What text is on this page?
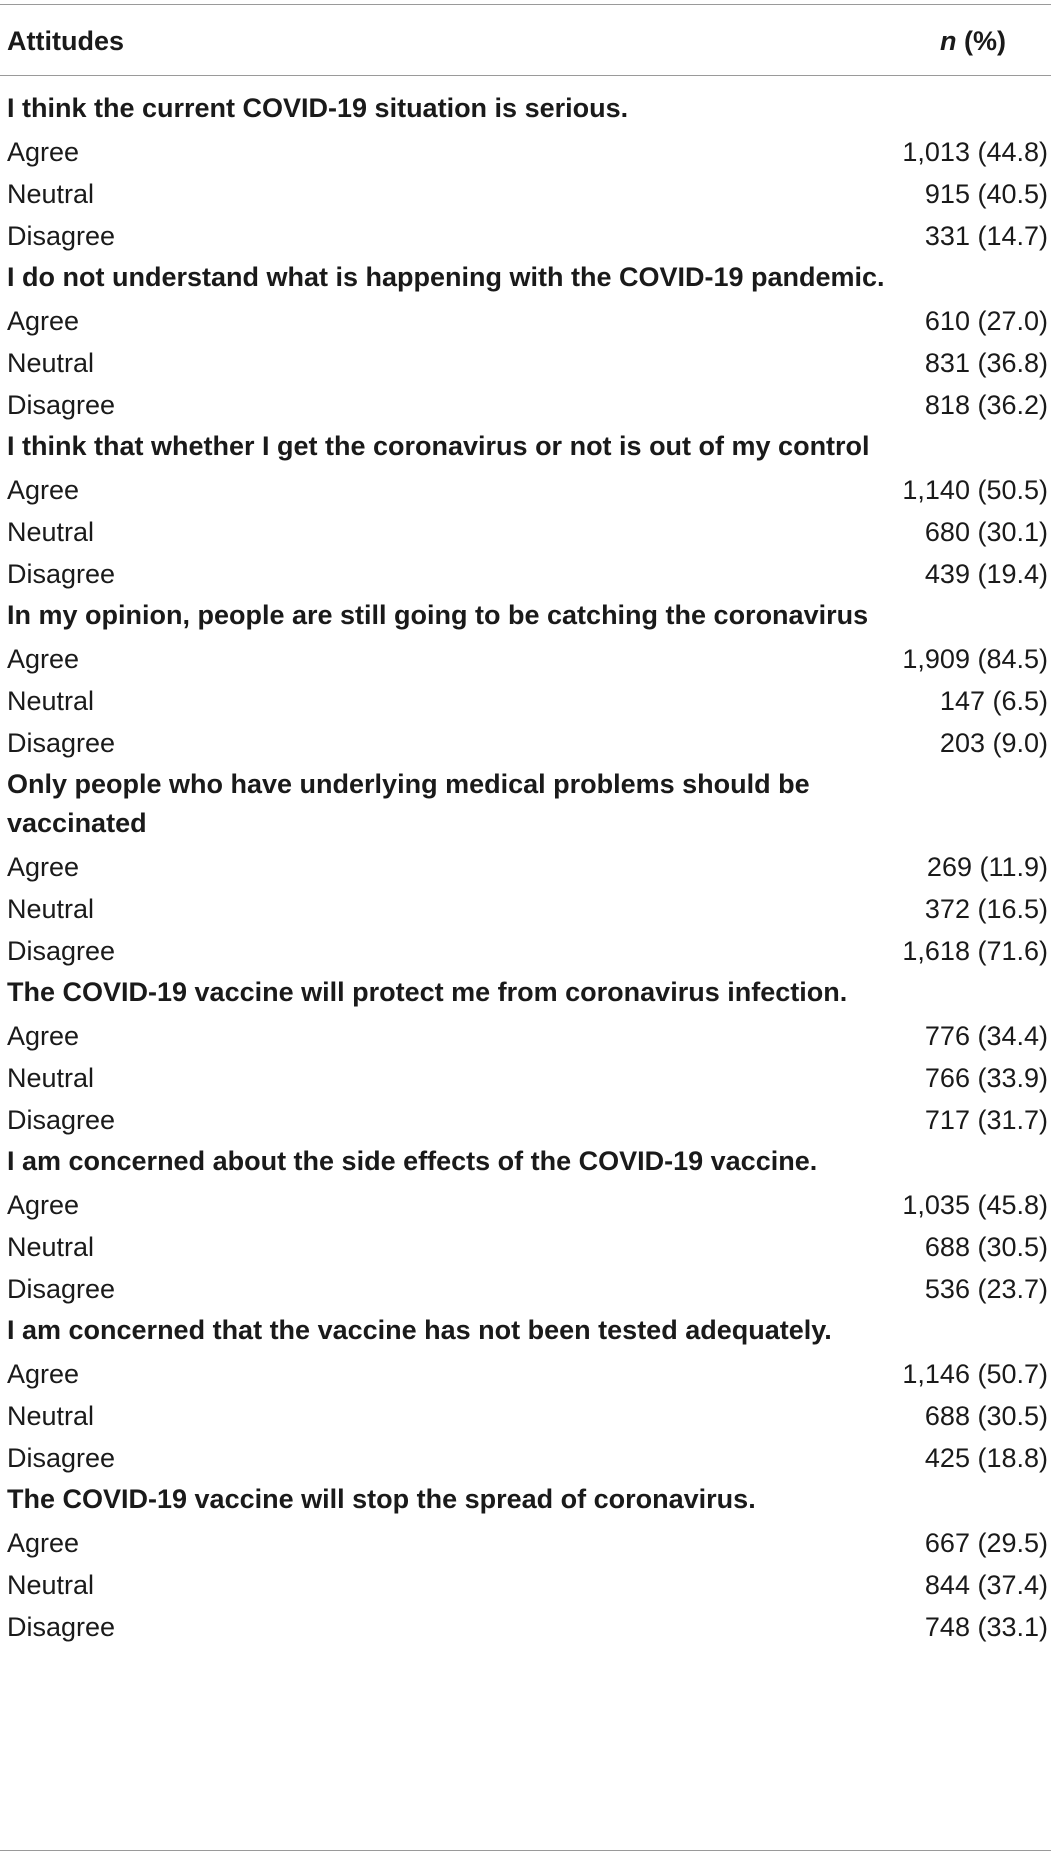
Attitudes	n (%)
I think the current COVID-19 situation is serious.
Agree	1,013 (44.8)
Neutral	915 (40.5)
Disagree	331 (14.7)
I do not understand what is happening with the COVID-19 pandemic.
Agree	610 (27.0)
Neutral	831 (36.8)
Disagree	818 (36.2)
I think that whether I get the coronavirus or not is out of my control
Agree	1,140 (50.5)
Neutral	680 (30.1)
Disagree	439 (19.4)
In my opinion, people are still going to be catching the coronavirus
Agree	1,909 (84.5)
Neutral	147 (6.5)
Disagree	203 (9.0)
Only people who have underlying medical problems should be vaccinated
Agree	269 (11.9)
Neutral	372 (16.5)
Disagree	1,618 (71.6)
The COVID-19 vaccine will protect me from coronavirus infection.
Agree	776 (34.4)
Neutral	766 (33.9)
Disagree	717 (31.7)
I am concerned about the side effects of the COVID-19 vaccine.
Agree	1,035 (45.8)
Neutral	688 (30.5)
Disagree	536 (23.7)
I am concerned that the vaccine has not been tested adequately.
Agree	1,146 (50.7)
Neutral	688 (30.5)
Disagree	425 (18.8)
The COVID-19 vaccine will stop the spread of coronavirus.
Agree	667 (29.5)
Neutral	844 (37.4)
Disagree	748 (33.1)
